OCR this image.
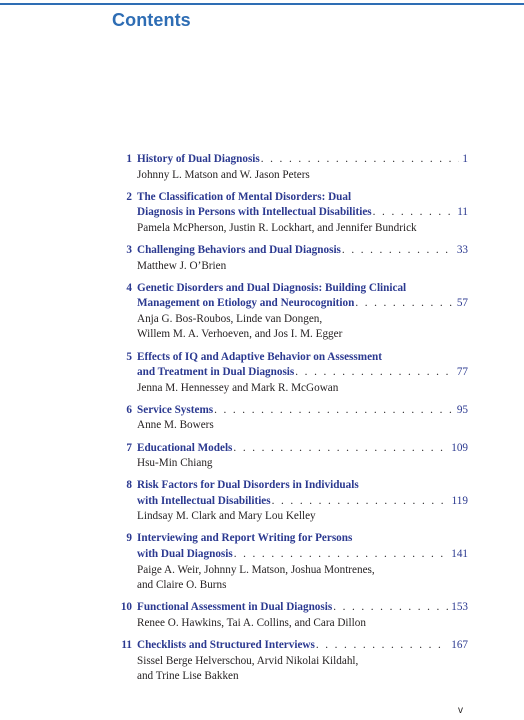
Contents
1 History of Dual Diagnosis . . .	1
Johnny L. Matson and W. Jason Peters
2 The Classification of Mental Disorders: Dual
Diagnosis in Persons with Intellectual Disabilities . . .	11
Pamela McPherson, Justin R. Lockhart, and Jennifer Bundrick
3 Challenging Behaviors and Dual Diagnosis . . .	33
Matthew J. O’Brien
4 Genetic Disorders and Dual Diagnosis: Building Clinical
Management on Etiology and Neurocognition . . .	57
Anja G. Bos-Roubos, Linde van Dongen,
Willem M. A. Verhoeven, and Jos I. M. Egger
5 Effects of IQ and Adaptive Behavior on Assessment
and Treatment in Dual Diagnosis . . .	77
Jenna M. Hennessey and Mark R. McGowan
6 Service Systems . . .	95
Anne M. Bowers
7 Educational Models . . .	109
Hsu-Min Chiang
8 Risk Factors for Dual Disorders in Individuals
with Intellectual Disabilities . . .	119
Lindsay M. Clark and Mary Lou Kelley
9 Interviewing and Report Writing for Persons
with Dual Diagnosis . . .	141
Paige A. Weir, Johnny L. Matson, Joshua Montrenes,
and Claire O. Burns
10 Functional Assessment in Dual Diagnosis . . .	153
Renee O. Hawkins, Tai A. Collins, and Cara Dillon
11 Checklists and Structured Interviews . . .	167
Sissel Berge Helverschou, Arvid Nikolai Kildahl,
and Trine Lise Bakken
v
